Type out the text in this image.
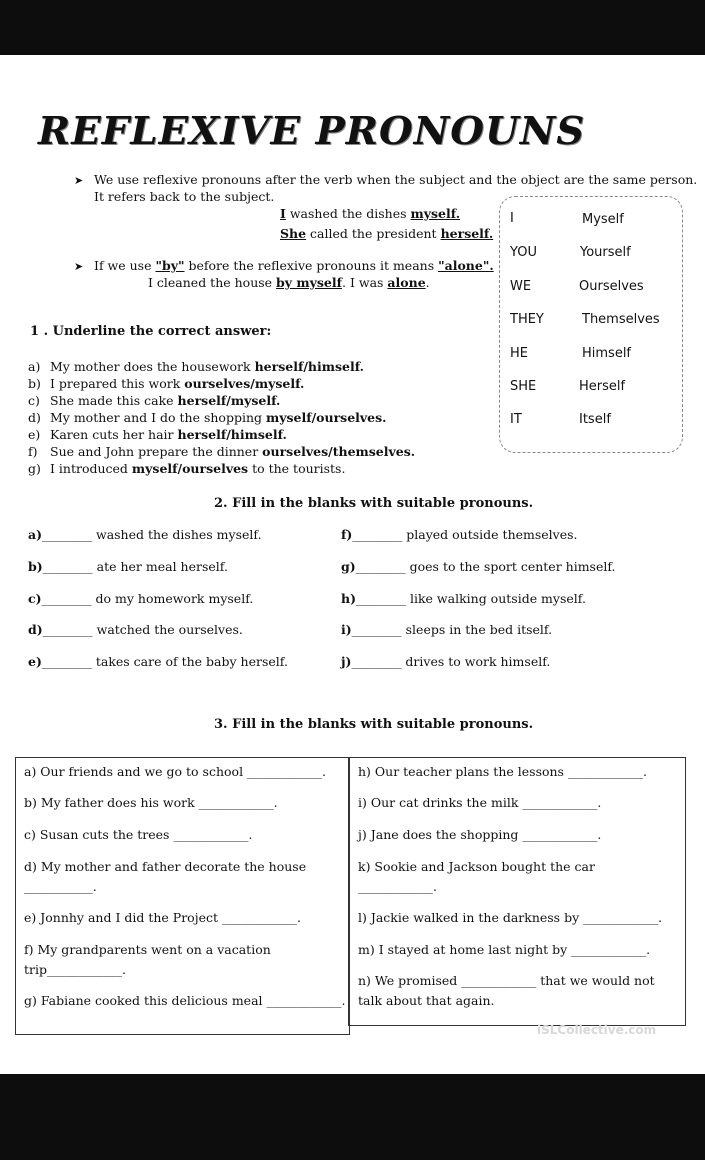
REFLEXIVE PRONOUNS
➤ We use reflexive pronouns after the verb when the subject and the object are the same person.
It refers back to the subject.
I washed the dishes myself.
She called the president herself.
➤ If we use "by" before the reflexive pronouns it means "alone".
I cleaned the house by myself. I was alone.
I	Myself
YOU	Yourself
WE	Ourselves
THEY	Themselves
HE	Himself
SHE	Herself
IT	Itself
1 . Underline the correct answer:
a) My mother does the housework herself/himself.
b) I prepared this work ourselves/myself.
c) She made this cake herself/myself.
d) My mother and I do the shopping myself/ourselves.
e) Karen cuts her hair herself/himself.
f) Sue and John prepare the dinner ourselves/themselves.
g) I introduced myself/ourselves to the tourists.
2. Fill in the blanks with suitable pronouns.
a)________ washed the dishes myself.
b)________ ate her meal herself.
c)________ do my homework myself.
d)________ watched the ourselves.
e)________ takes care of the baby herself.
f)________ played outside themselves.
g)________ goes to the sport center himself.
h)________ like walking outside myself.
i)________ sleeps in the bed itself.
j)________ drives to work himself.
3. Fill in the blanks with suitable pronouns.
a) Our friends and we go to school ____________.
b) My father does his work ____________.
c) Susan cuts the trees ____________.
d) My mother and father decorate the house
___________.
e) Jonnhy and I did the Project ____________.
f) My grandparents went on a vacation
trip____________.
g) Fabiane cooked this delicious meal ____________.
h) Our teacher plans the lessons ____________.
i) Our cat drinks the milk ____________.
j) Jane does the shopping ____________.
k) Sookie and Jackson bought the car
____________.
l) Jackie walked in the darkness by ____________.
m) I stayed at home last night by ____________.
n) We promised ____________ that we would not
talk about that again.
iSLCollective.com
